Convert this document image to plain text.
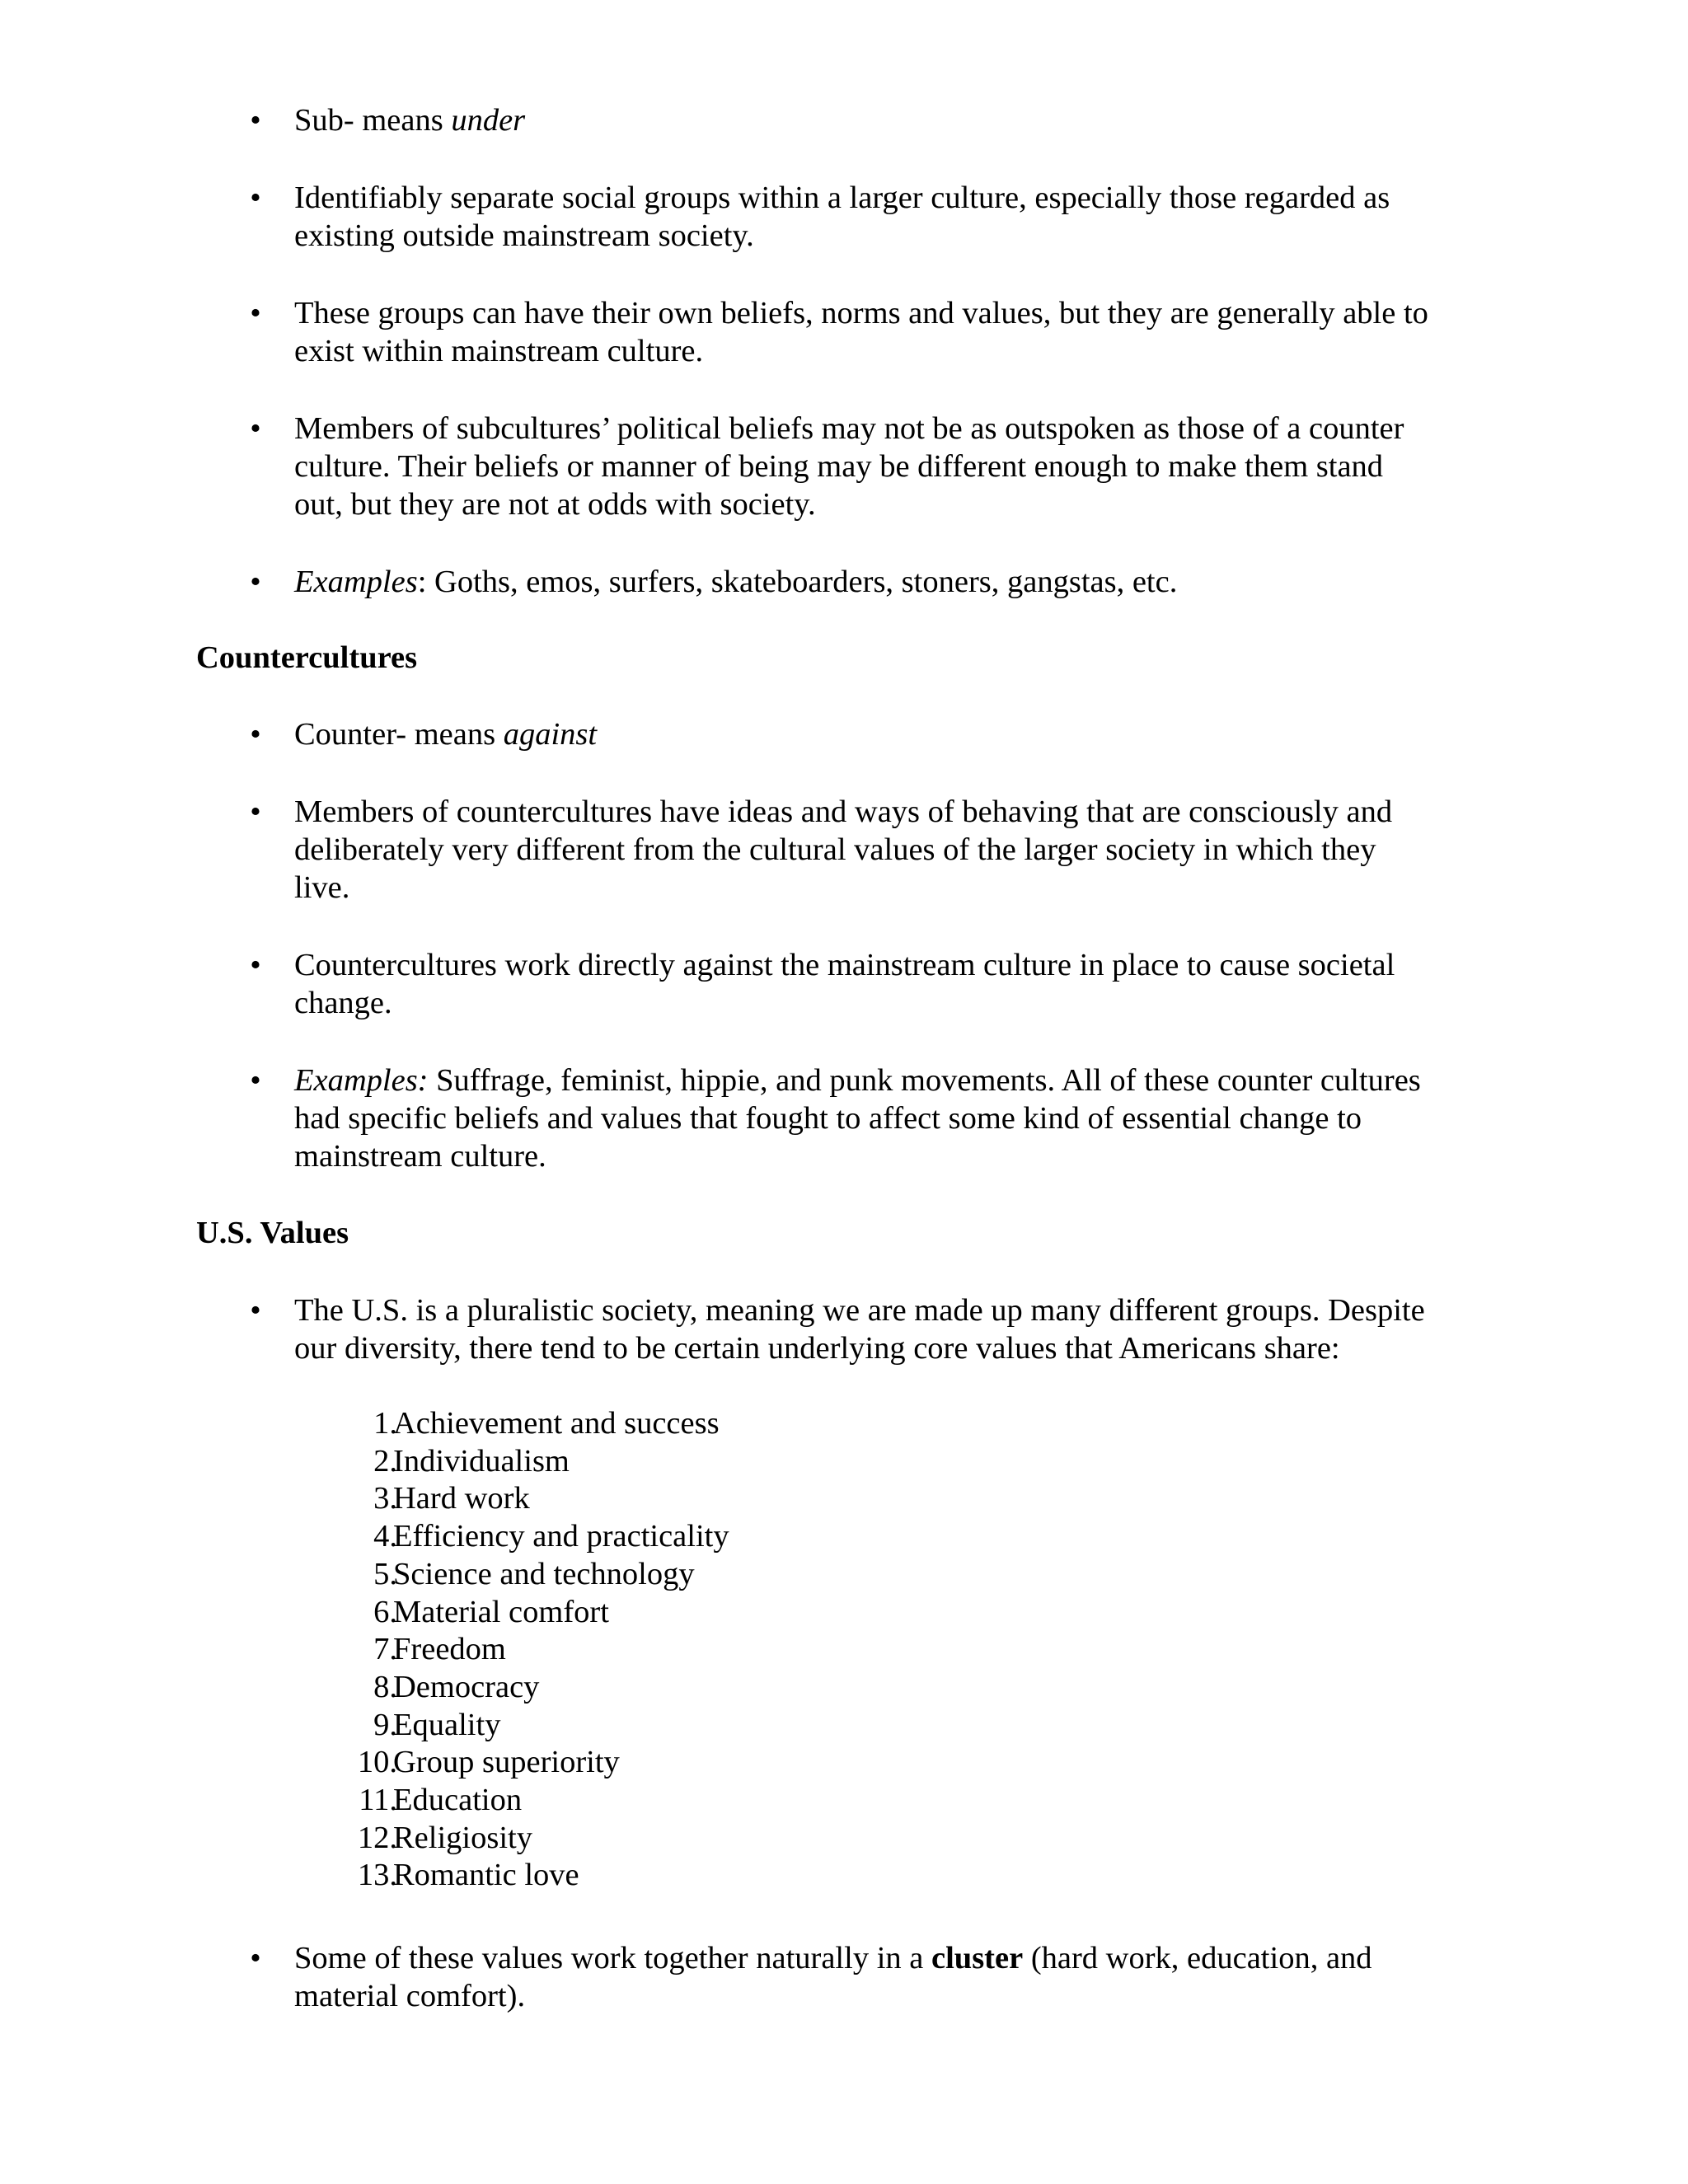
•	Sub- means under
•	Identifiably separate social groups within a larger culture, especially those regarded as
existing outside mainstream society.
•	These groups can have their own beliefs, norms and values, but they are generally able to
exist within mainstream culture.
•	Members of subcultures’ political beliefs may not be as outspoken as those of a counter
culture. Their beliefs or manner of being may be different enough to make them stand
out, but they are not at odds with society.
•	Examples: Goths, emos, surfers, skateboarders, stoners, gangstas, etc.
Countercultures
•	Counter- means against
•	Members of countercultures have ideas and ways of behaving that are consciously and
deliberately very different from the cultural values of the larger society in which they
live.
•	Countercultures work directly against the mainstream culture in place to cause societal
change.
•	Examples: Suffrage, feminist, hippie, and punk movements. All of these counter cultures
had specific beliefs and values that fought to affect some kind of essential change to
mainstream culture.
U.S. Values
•	The U.S. is a pluralistic society, meaning we are made up many different groups. Despite
our diversity, there tend to be certain underlying core values that Americans share:
1.
Achievement and success
2.
Individualism
3.
Hard work
4.
Efficiency and practicality
5.
Science and technology
6.
Material comfort
7.
Freedom
8.
Democracy
9.
Equality
10.
Group superiority
11.
Education
12.
Religiosity
13.
Romantic love
•	Some of these values work together naturally in a cluster (hard work, education, and
material comfort).
